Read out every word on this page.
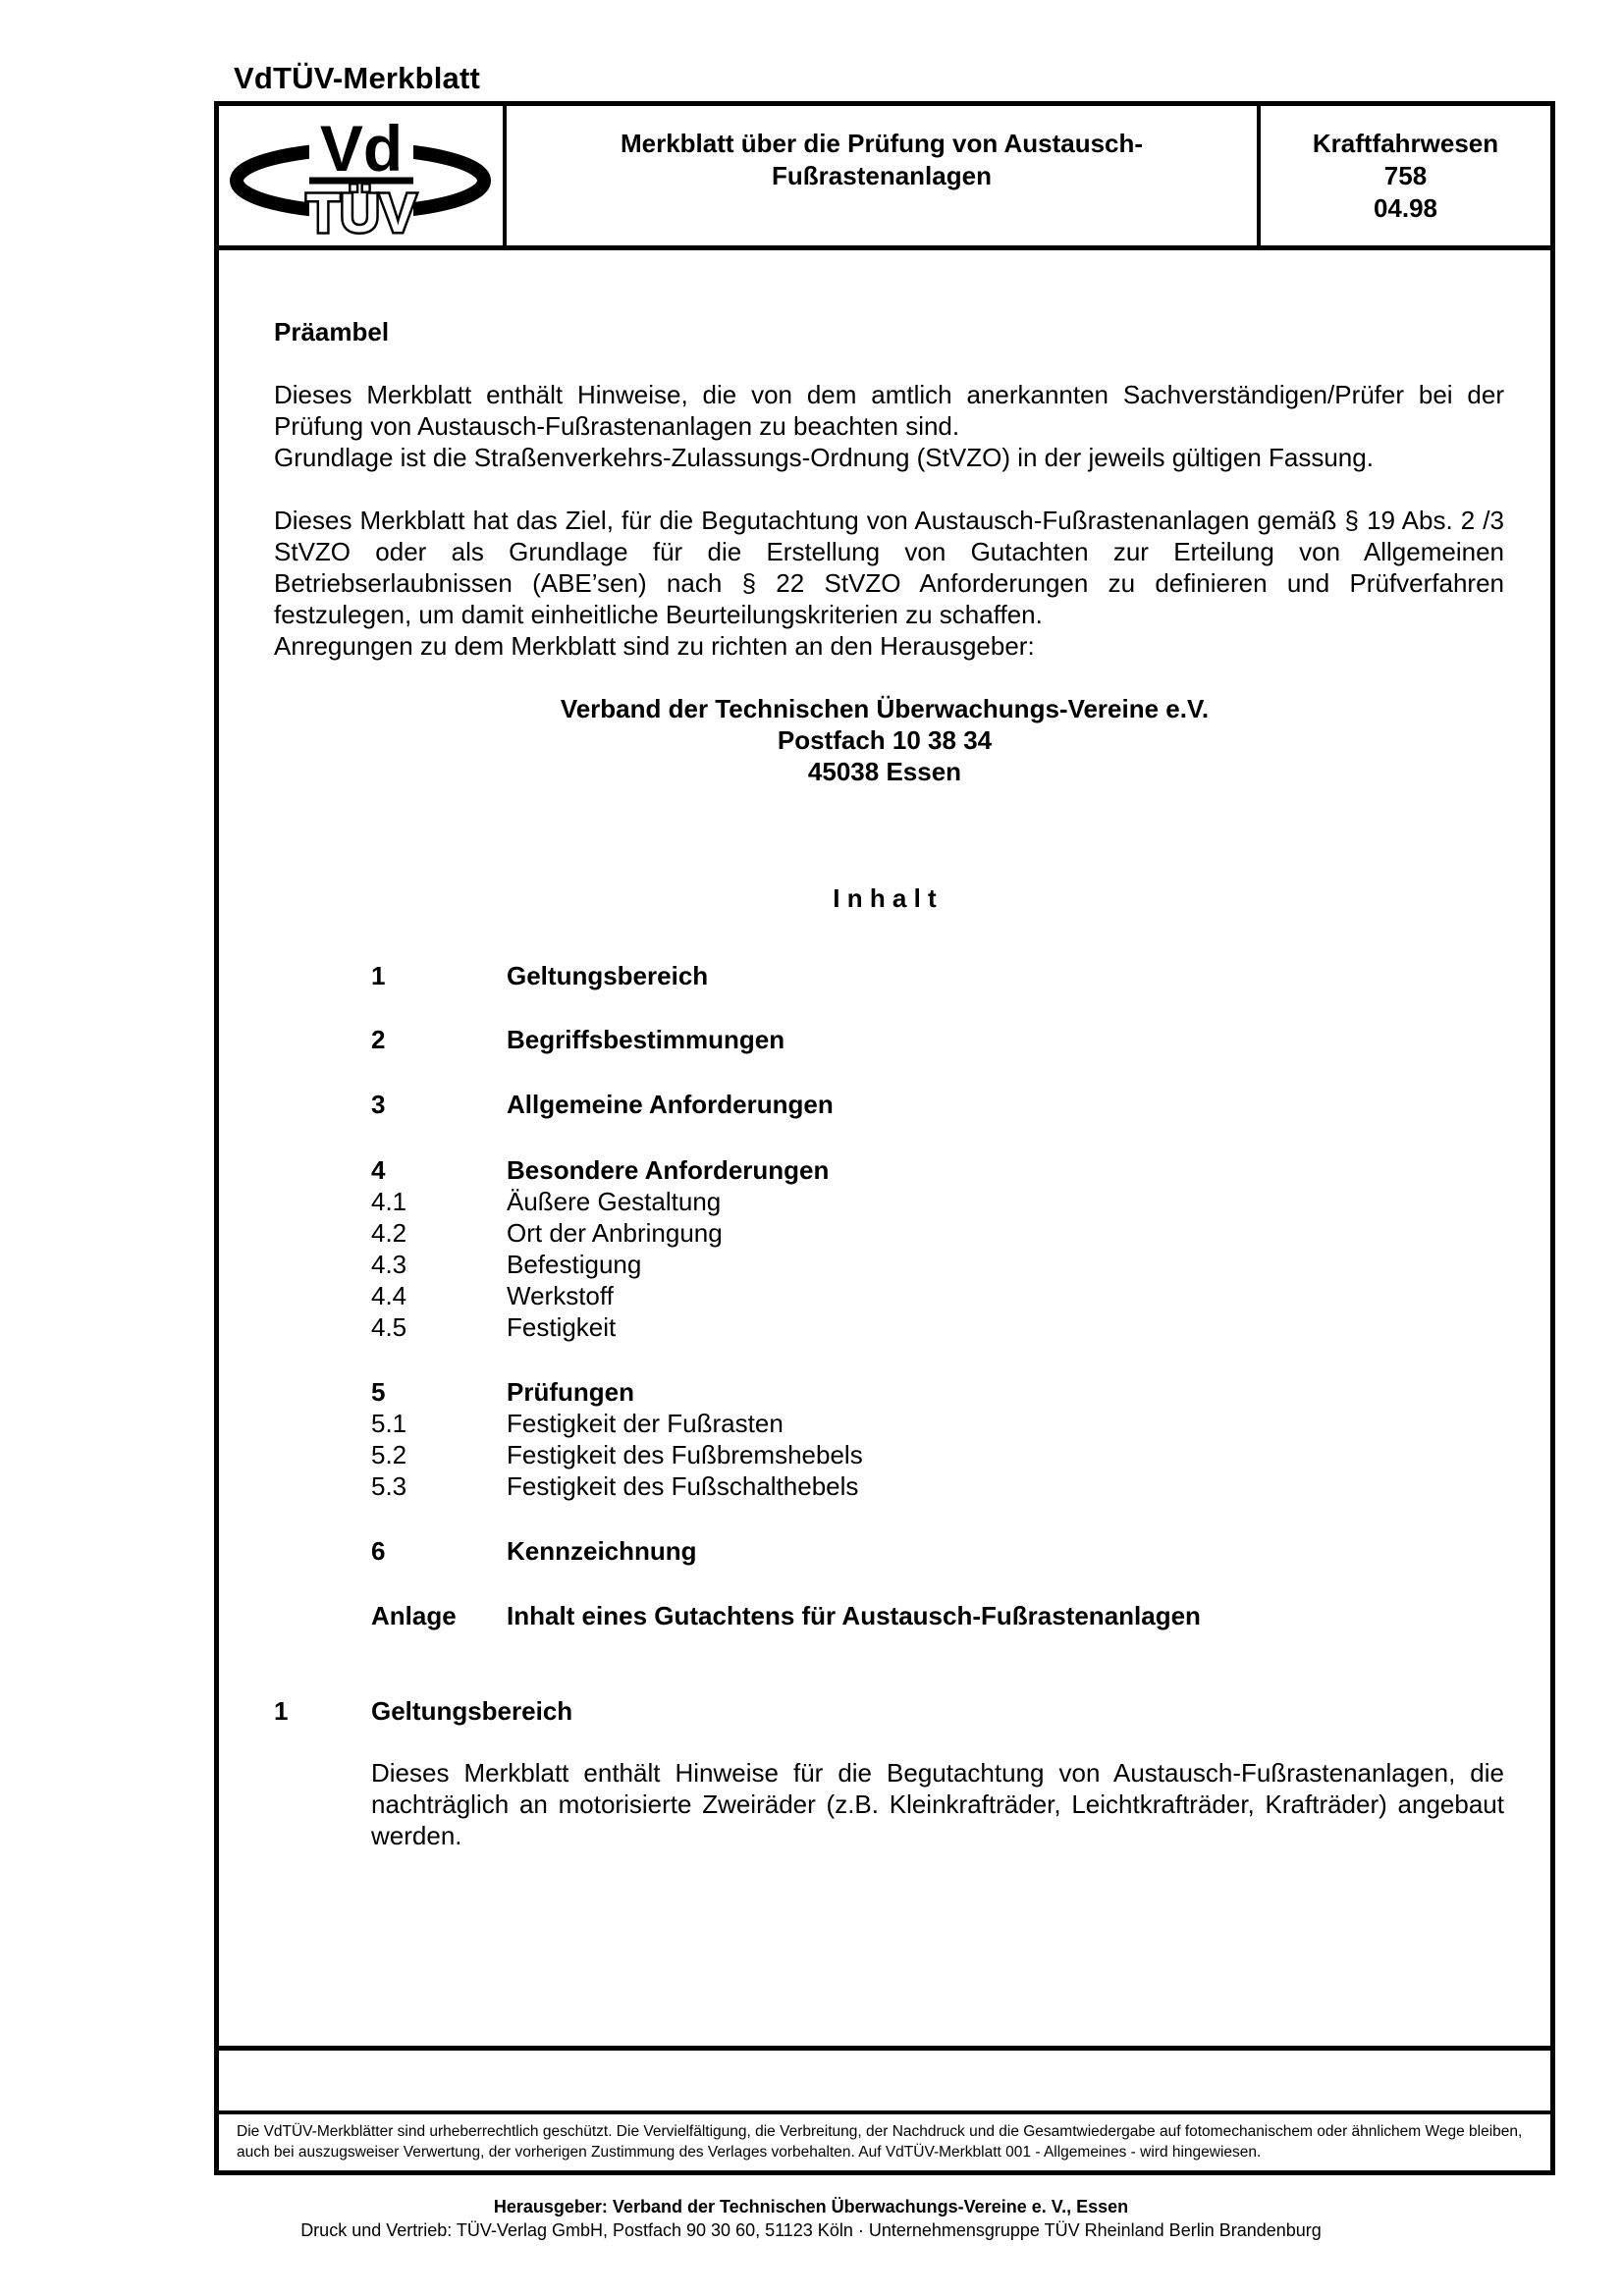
VdTÜV-Merkblatt
Vd
TÜV
Merkblatt über die Prüfung von Austausch-
Fußrastenanlagen
Kraftfahrwesen
758
04.98
Die VdTÜV-Merkblätter sind urheberrechtlich geschützt. Die Vervielfältigung, die Verbreitung, der Nachdruck und die Gesamtwiedergabe auf fotomechanischem oder ähnlichem Wege bleiben, auch bei auszugsweiser Verwertung, der vorherigen Zustimmung des Verlages vorbehalten. Auf VdTÜV-Merkblatt 001 - Allgemeines - wird hingewiesen.
Präambel
Dieses Merkblatt enthält Hinweise, die von dem amtlich anerkannten Sachverständigen/Prüfer bei der Prüfung von Austausch-Fußrastenanlagen zu beachten sind.
Grundlage ist die Straßenverkehrs-Zulassungs-Ordnung (StVZO) in der jeweils gültigen Fassung.
Dieses Merkblatt hat das Ziel, für die Begutachtung von Austausch-Fußrastenanlagen gemäß § 19 Abs. 2 /3 StVZO oder als Grundlage für die Erstellung von Gutachten zur Erteilung von Allgemeinen Betriebserlaubnissen (ABE’sen) nach § 22 StVZO Anforderungen zu definieren und Prüfverfahren festzulegen, um damit einheitliche Beurteilungskriterien zu schaffen.
Anregungen zu dem Merkblatt sind zu richten an den Herausgeber:
Verband der Technischen Überwachungs-Vereine e.V.
Postfach 10 38 34
45038 Essen
I n h a l t
1	Geltungsbereich
2	Begriffsbestimmungen
3	Allgemeine Anforderungen
4	Besondere Anforderungen
4.1	Äußere Gestaltung
4.2	Ort der Anbringung
4.3	Befestigung
4.4	Werkstoff
4.5	Festigkeit
5	Prüfungen
5.1	Festigkeit der Fußrasten
5.2	Festigkeit des Fußbremshebels
5.3	Festigkeit des Fußschalthebels
6	Kennzeichnung
Anlage Inhalt eines Gutachtens für Austausch-Fußrastenanlagen
1	Geltungsbereich
Dieses Merkblatt enthält Hinweise für die Begutachtung von Austausch-Fußrastenanlagen, die nachträglich an motorisierte Zweiräder (z.B. Kleinkrafträder, Leichtkrafträder, Krafträder) angebaut werden.
Herausgeber: Verband der Technischen Überwachungs-Vereine e. V., Essen
Druck und Vertrieb: TÜV-Verlag GmbH, Postfach 90 30 60, 51123 Köln · Unternehmensgruppe TÜV Rheinland Berlin Brandenburg
